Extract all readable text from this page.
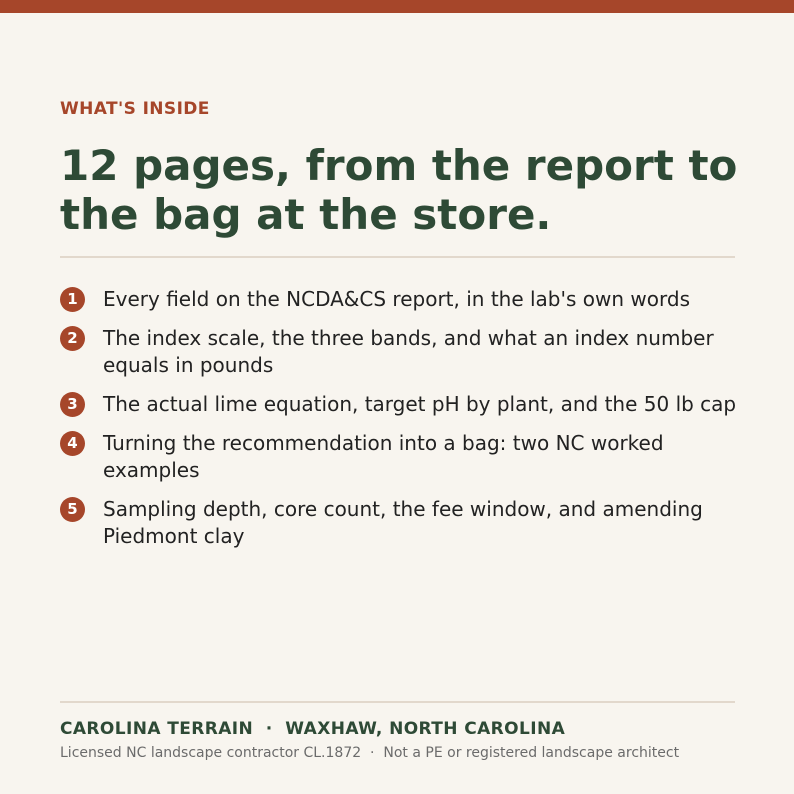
WHAT'S INSIDE
12 pages, from the report to the bag at the store.
1	Every field on the NCDA&CS report, in the lab's own words
2	The index scale, the three bands, and what an index number equals in pounds
3	The actual lime equation, target pH by plant, and the 50 lb cap
4	Turning the recommendation into a bag: two NC worked examples
5	Sampling depth, core count, the fee window, and amending Piedmont clay
CAROLINA TERRAIN  ·  WAXHAW, NORTH CAROLINA
Licensed NC landscape contractor CL.1872  ·  Not a PE or registered landscape architect
